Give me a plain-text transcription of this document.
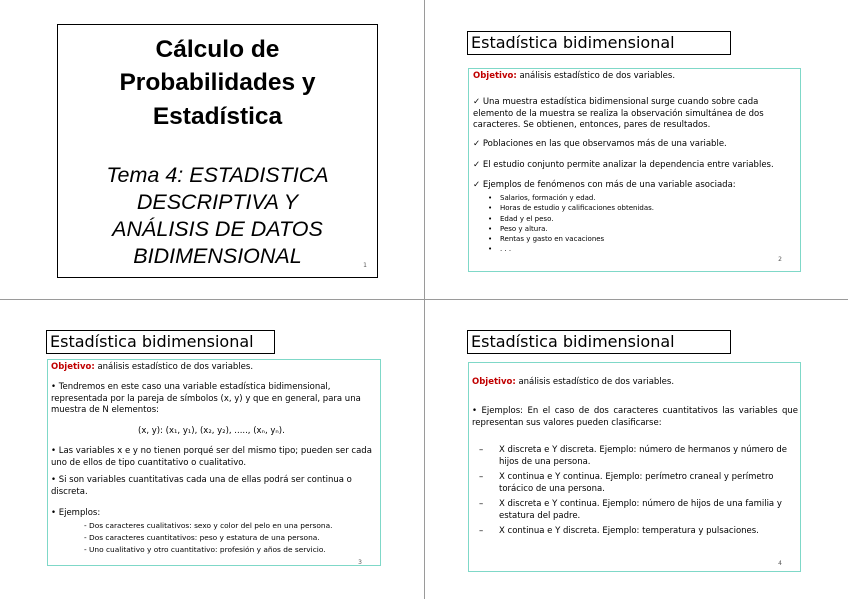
Cálculo de
Probabilidades y
Estadística
Tema 4: ESTADISTICA
DESCRIPTIVA Y
ANÁLISIS DE DATOS
BIDIMENSIONAL	1
Estadística bidimensional
Objetivo: análisis estadístico de dos variables.
✓ Una muestra estadística bidimensional surge cuando sobre cada elemento de la muestra se realiza la observación simultánea de dos caracteres. Se obtienen, entonces, pares de resultados.
✓ Poblaciones en las que observamos más de una variable.
✓ El estudio conjunto permite analizar la dependencia entre variables.
✓ Ejemplos de fenómenos con más de una variable asociada:
• Salarios, formación y edad.
• Horas de estudio y calificaciones obtenidas.
• Edad y el peso.
• Peso y altura.
• Rentas y gasto en vacaciones
• . . .
2
Estadística bidimensional
Objetivo: análisis estadístico de dos variables.
• Tendremos en este caso una variable estadística bidimensional, representada por la pareja de símbolos (x, y) y que en general, para una muestra de N elementos:
(x, y): (x₁, y₁), (x₂, y₂), ....., (xₙ, yₙ).
• Las variables x e y no tienen porqué ser del mismo tipo; pueden ser cada uno de ellos de tipo cuantitativo o cualitativo.
• Si son variables cuantitativas cada una de ellas podrá ser continua o discreta.
• Ejemplos:
- Dos caracteres cualitativos: sexo y color del pelo en una persona.
- Dos caracteres cuantitativos: peso y estatura de una persona.
- Uno cualitativo y otro cuantitativo: profesión y años de servicio.
3
Estadística bidimensional
Objetivo: análisis estadístico de dos variables.
• Ejemplos: En el caso de dos caracteres cuantitativos las variables que representan sus valores pueden clasificarse:
– X discreta e Y discreta. Ejemplo: número de hermanos y número de hijos de una persona.
– X continua e Y continua. Ejemplo: perímetro craneal y perímetro torácico de una persona.
– X discreta e Y continua. Ejemplo: número de hijos de una familia y estatura del padre.
– X continua e Y discreta. Ejemplo: temperatura y pulsaciones.
4
